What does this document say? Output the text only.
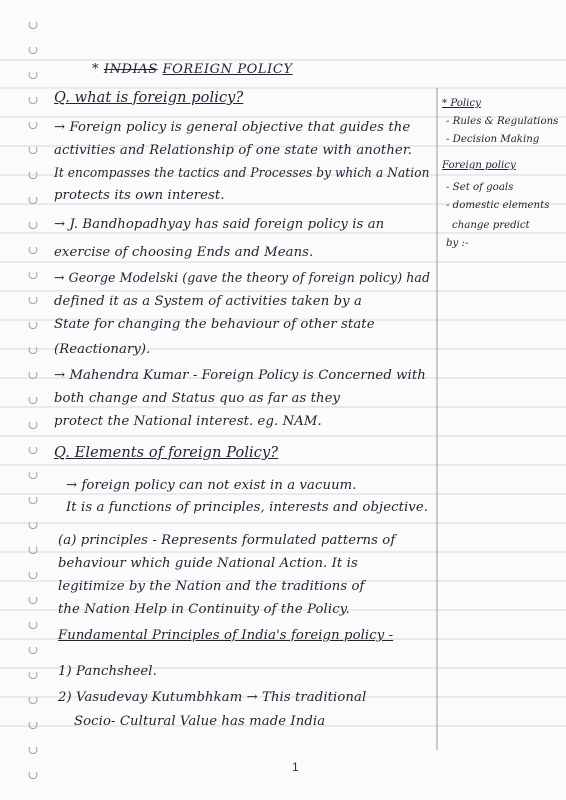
* INDIAS FOREIGN POLICY
Q. what is foreign policy?
→ Foreign policy is general objective that guides the
activities and Relationship of one state with another.
It encompasses the tactics and Processes by which a Nation
protects its own interest.
→ J. Bandhopadhyay has said foreign policy is an
exercise of choosing Ends and Means.
→ George Modelski (gave the theory of foreign policy) had
defined it as a System of activities taken by a
State for changing the behaviour of other state
(Reactionary).
→ Mahendra Kumar - Foreign Policy is Concerned with
both change and Status quo as far as they
protect the National interest. eg. NAM.
Q. Elements of foreign Policy?
→ foreign policy can not exist in a vacuum.
It is a functions of principles, interests and objective.
(a) principles - Represents formulated patterns of
behaviour which guide National Action. It is
legitimize by the Nation and the traditions of
the Nation Help in Continuity of the Policy.
Fundamental Principles of India's foreign policy -
1) Panchsheel.
2) Vasudevay Kutumbhkam → This traditional
Socio- Cultural Value has made India
* Policy
- Rules & Regulations
- Decision Making
Foreign policy
- Set of goals
- domestic elements
change predict
by :-
1
